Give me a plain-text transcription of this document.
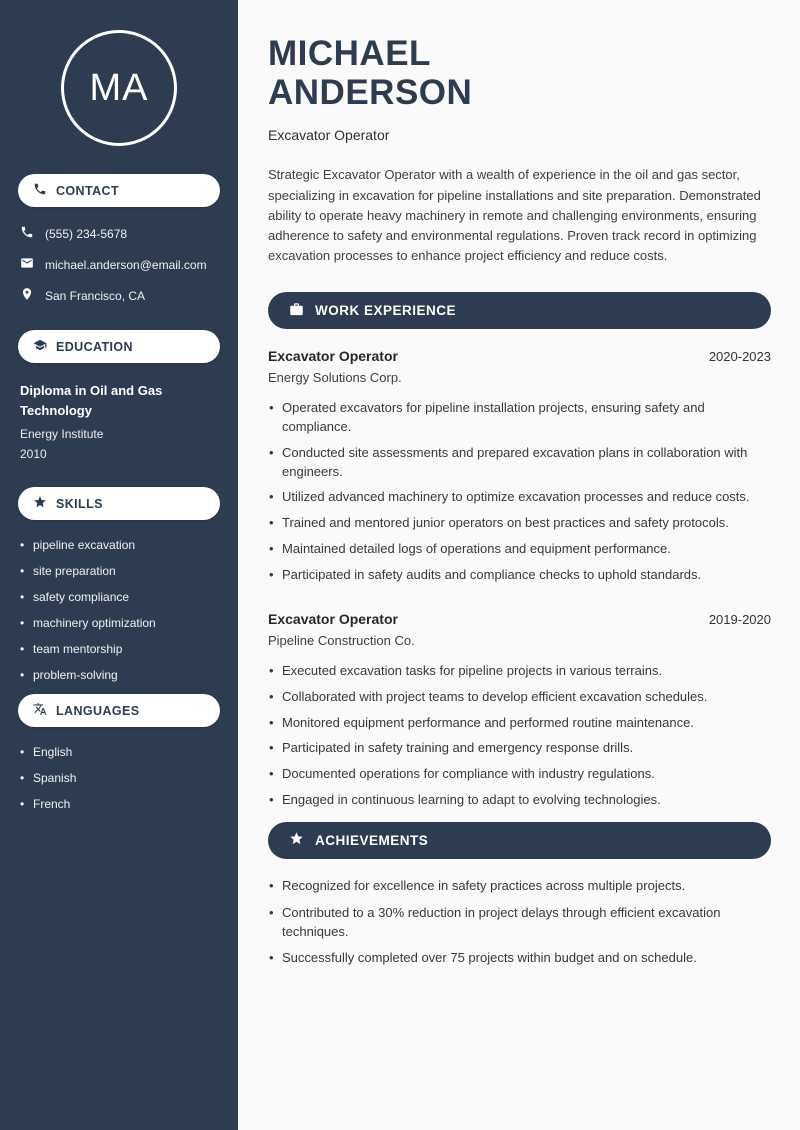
MA
CONTACT
(555) 234-5678
michael.anderson@email.com
San Francisco, CA
EDUCATION
Diploma in Oil and Gas Technology
Energy Institute
2010
SKILLS
• pipeline excavation
• site preparation
• safety compliance
• machinery optimization
• team mentorship
• problem-solving
LANGUAGES
• English
• Spanish
• French
MICHAEL
ANDERSON
Excavator Operator

Strategic Excavator Operator with a wealth of experience in the oil and gas sector, specializing in excavation for pipeline installations and site preparation. Demonstrated ability to operate heavy machinery in remote and challenging environments, ensuring adherence to safety and environmental regulations. Proven track record in optimizing excavation processes to enhance project efficiency and reduce costs.

WORK EXPERIENCE
Excavator Operator	2020-2023
Energy Solutions Corp.
• Operated excavators for pipeline installation projects, ensuring safety and compliance.
• Conducted site assessments and prepared excavation plans in collaboration with engineers.
• Utilized advanced machinery to optimize excavation processes and reduce costs.
• Trained and mentored junior operators on best practices and safety protocols.
• Maintained detailed logs of operations and equipment performance.
• Participated in safety audits and compliance checks to uphold standards.
Excavator Operator	2019-2020
Pipeline Construction Co.
• Executed excavation tasks for pipeline projects in various terrains.
• Collaborated with project teams to develop efficient excavation schedules.
• Monitored equipment performance and performed routine maintenance.
• Participated in safety training and emergency response drills.
• Documented operations for compliance with industry regulations.
• Engaged in continuous learning to adapt to evolving technologies.
ACHIEVEMENTS
• Recognized for excellence in safety practices across multiple projects.
• Contributed to a 30% reduction in project delays through efficient excavation techniques.
• Successfully completed over 75 projects within budget and on schedule.
